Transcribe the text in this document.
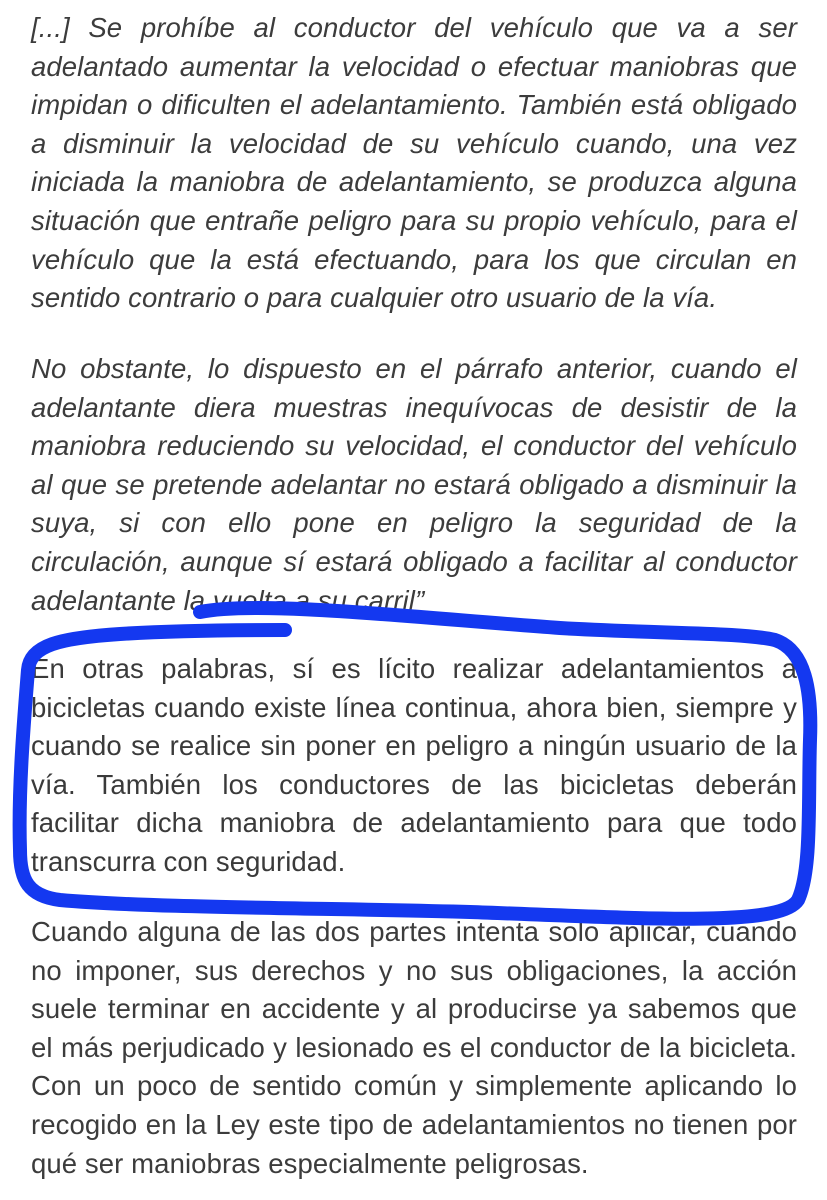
[...] Se prohíbe al conductor del vehículo que va a ser adelantado aumentar la velocidad o efectuar maniobras que impidan o dificulten el adelantamiento. También está obligado a disminuir la velocidad de su vehículo cuando, una vez iniciada la maniobra de adelantamiento, se produzca alguna situación que entrañe peligro para su propio vehículo, para el vehículo que la está efectuando, para los que circulan en sentido contrario o para cualquier otro usuario de la vía.

No obstante, lo dispuesto en el párrafo anterior, cuando el adelantante diera muestras inequívocas de desistir de la maniobra reduciendo su velocidad, el conductor del vehículo al que se pretende adelantar no estará obligado a disminuir la suya, si con ello pone en peligro la seguridad de la circulación, aunque sí estará obligado a facilitar al conductor adelantante la vuelta a su carril”

En otras palabras, sí es lícito realizar adelantamientos a bicicletas cuando existe línea continua, ahora bien, siempre y cuando se realice sin poner en peligro a ningún usuario de la vía. También los conductores de las bicicletas deberán facilitar dicha maniobra de adelantamiento para que todo transcurra con seguridad.

Cuando alguna de las dos partes intenta solo aplicar, cuando no imponer, sus derechos y no sus obligaciones, la acción suele terminar en accidente y al producirse ya sabemos que el más perjudicado y lesionado es el conductor de la bicicleta. Con un poco de sentido común y simplemente aplicando lo recogido en la Ley este tipo de adelantamientos no tienen por qué ser maniobras especialmente peligrosas.
